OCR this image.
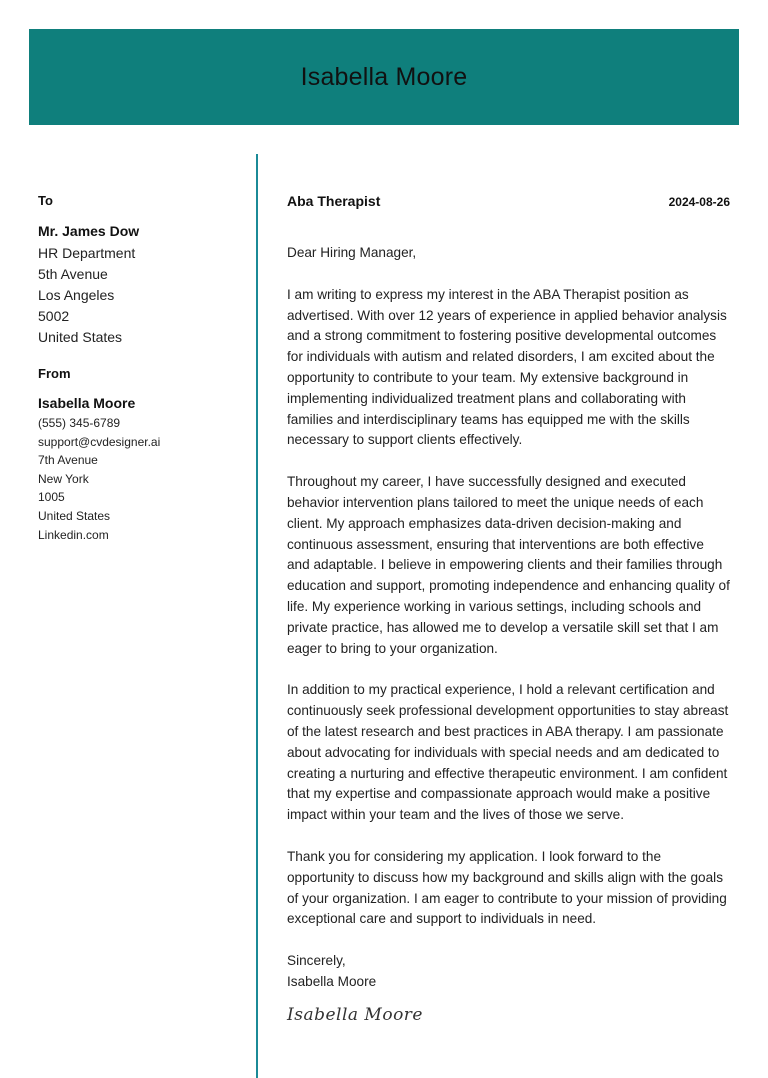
Isabella Moore
To
Mr. James Dow
HR Department
5th Avenue
Los Angeles
5002
United States
From
Isabella Moore
(555) 345-6789
support@cvdesigner.ai
7th Avenue
New York
1005
United States
Linkedin.com
Aba Therapist	2024-08-26
Dear Hiring Manager,
I am writing to express my interest in the ABA Therapist position as advertised. With over 12 years of experience in applied behavior analysis and a strong commitment to fostering positive developmental outcomes for individuals with autism and related disorders, I am excited about the opportunity to contribute to your team. My extensive background in implementing individualized treatment plans and collaborating with families and interdisciplinary teams has equipped me with the skills necessary to support clients effectively.
Throughout my career, I have successfully designed and executed behavior intervention plans tailored to meet the unique needs of each client. My approach emphasizes data-driven decision-making and continuous assessment, ensuring that interventions are both effective and adaptable. I believe in empowering clients and their families through education and support, promoting independence and enhancing quality of life. My experience working in various settings, including schools and private practice, has allowed me to develop a versatile skill set that I am eager to bring to your organization.
In addition to my practical experience, I hold a relevant certification and continuously seek professional development opportunities to stay abreast of the latest research and best practices in ABA therapy. I am passionate about advocating for individuals with special needs and am dedicated to creating a nurturing and effective therapeutic environment. I am confident that my expertise and compassionate approach would make a positive impact within your team and the lives of those we serve.
Thank you for considering my application. I look forward to the opportunity to discuss how my background and skills align with the goals of your organization. I am eager to contribute to your mission of providing exceptional care and support to individuals in need.
Sincerely,
Isabella Moore
Isabella Moore
